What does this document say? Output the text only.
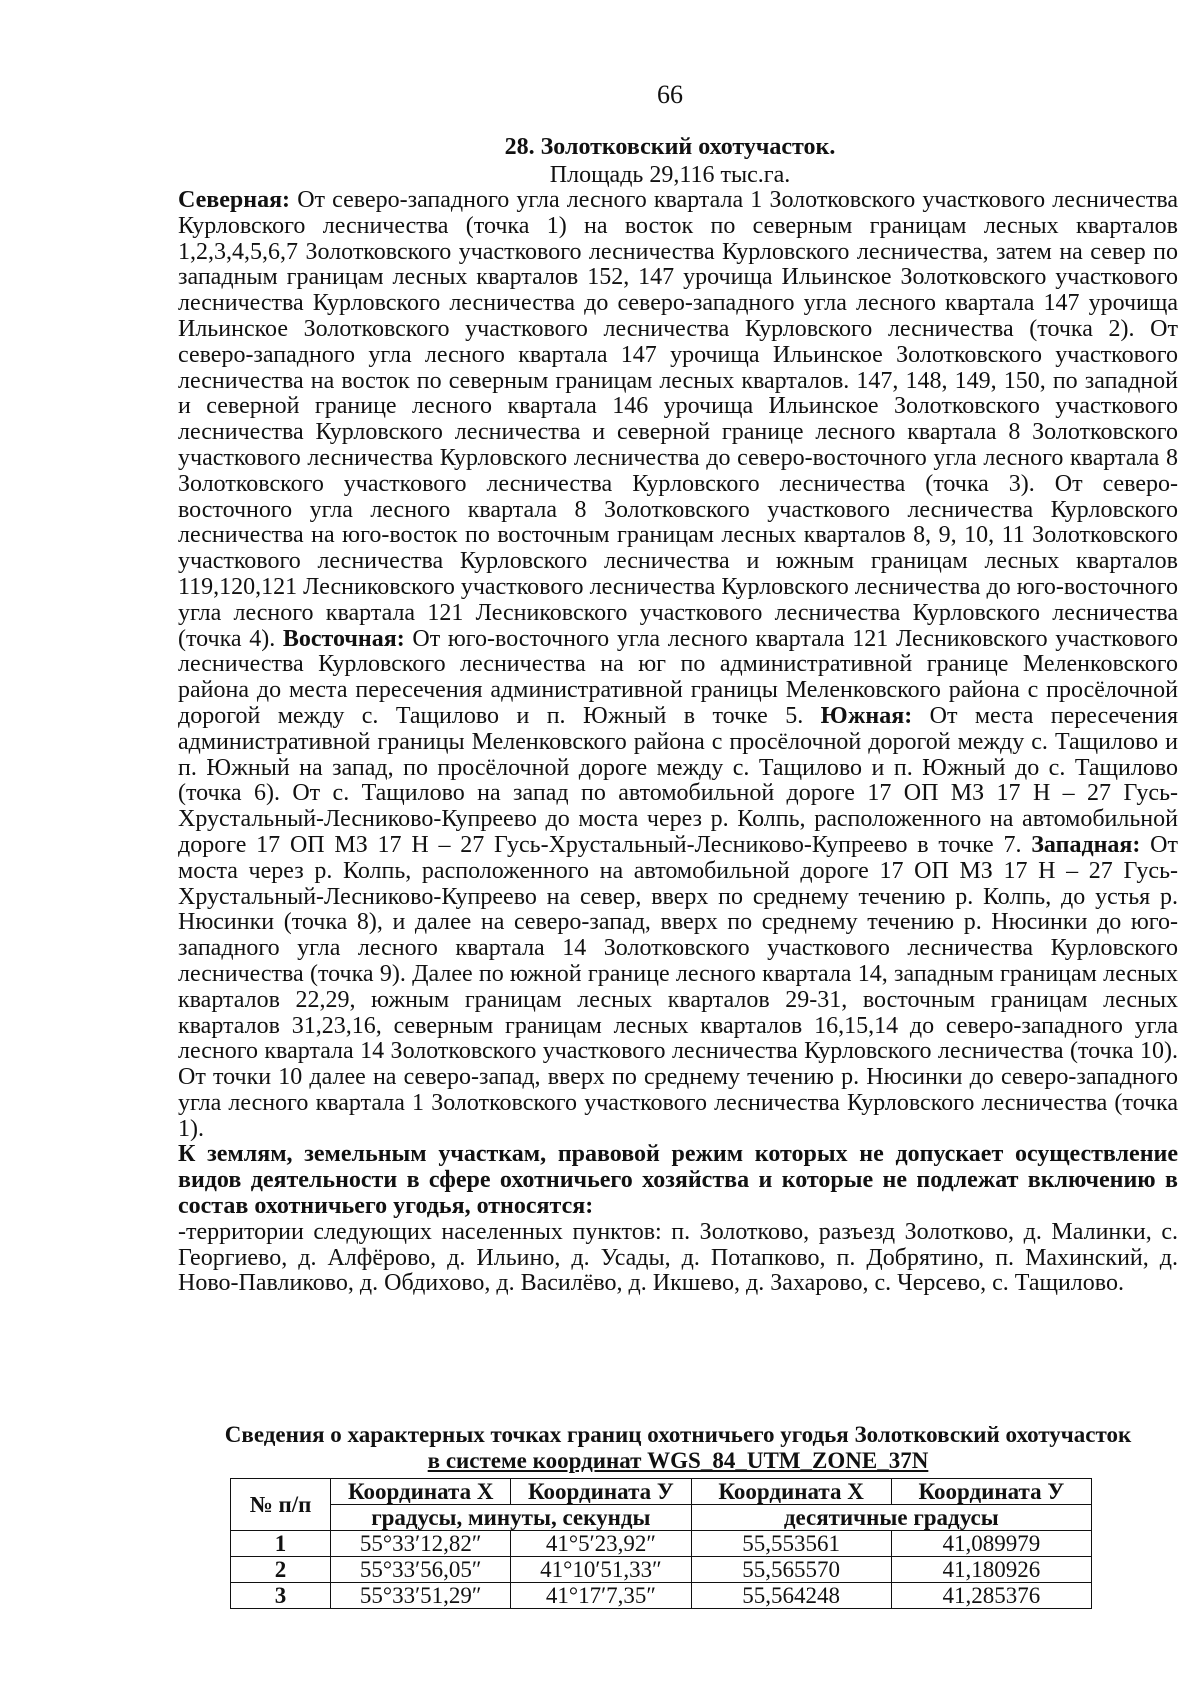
66
28. Золотковский охотучасток.
Площадь 29,116 тыс.га.

Северная: От северо-западного угла лесного квартала 1 Золотковского участкового лесничества Курловского лесничества (точка 1) на восток по северным границам лесных кварталов 1,2,3,4,5,6,7 Золотковского участкового лесничества Курловского лесничества, затем на север по западным границам лесных кварталов 152, 147 урочища Ильинское Золотковского участкового лесничества Курловского лесничества до северо-западного угла лесного квартала 147 урочища Ильинское Золотковского участкового лесничества Курловского лесничества (точка 2). От северо-западного угла лесного квартала 147 урочища Ильинское Золотковского участкового лесничества на восток по северным границам лесных кварталов. 147, 148, 149, 150, по западной и северной границе лесного квартала 146 урочища Ильинское Золотковского участкового лесничества Курловского лесничества и северной границе лесного квартала 8 Золотковского участкового лесничества Курловского лесничества до северо-восточного угла лесного квартала 8 Золотковского участкового лесничества Курловского лесничества (точка 3). От северо-восточного угла лесного квартала 8 Золотковского участкового лесничества Курловского лесничества на юго-восток по восточным границам лесных кварталов 8, 9, 10, 11 Золотковского участкового лесничества Курловского лесничества и южным границам лесных кварталов 119,120,121 Лесниковского участкового лесничества Курловского лесничества до юго-восточного угла лесного квартала 121 Лесниковского участкового лесничества Курловского лесничества (точка 4). Восточная: От юго-восточного угла лесного квартала 121 Лесниковского участкового лесничества Курловского лесничества на юг по административной границе Меленковского района до места пересечения административной границы Меленковского района с просёлочной дорогой между с. Тащилово и п. Южный в точке 5. Южная: От места пересечения административной границы Меленковского района с просёлочной дорогой между с. Тащилово и п. Южный на запад, по просёлочной дороге между с. Тащилово и п. Южный до с. Тащилово (точка 6). От с. Тащилово на запад по автомобильной дороге 17 ОП МЗ 17 Н – 27 Гусь-Хрустальный-Лесниково-Купреево до моста через р. Колпь, расположенного на автомобильной дороге 17 ОП МЗ 17 Н – 27 Гусь-Хрустальный-Лесниково-Купреево в точке 7. Западная: От моста через р. Колпь, расположенного на автомобильной дороге 17 ОП МЗ 17 Н – 27 Гусь-Хрустальный-Лесниково-Купреево на север, вверх по среднему течению р. Колпь, до устья р. Нюсинки (точка 8), и далее на северо-запад, вверх по среднему течению р. Нюсинки до юго-западного угла лесного квартала 14 Золотковского участкового лесничества Курловского лесничества (точка 9). Далее по южной границе лесного квартала 14, западным границам лесных кварталов 22,29, южным границам лесных кварталов 29-31, восточным границам лесных кварталов 31,23,16, северным границам лесных кварталов 16,15,14 до северо-западного угла лесного квартала 14 Золотковского участкового лесничества Курловского лесничества (точка 10). От точки 10 далее на северо-запад, вверх по среднему течению р. Нюсинки до северо-западного угла лесного квартала 1 Золотковского участкового лесничества Курловского лесничества (точка 1).

К землям, земельным участкам, правовой режим которых не допускает осуществление видов деятельности в сфере охотничьего хозяйства и которые не подлежат включению в состав охотничьего угодья, относятся:

-территории следующих населенных пунктов: п. Золотково, разъезд Золотково, д. Малинки, с. Георгиево, д. Алфёрово, д. Ильино, д. Усады, д. Потапково, п. Добрятино, п. Махинский, д. Ново-Павликово, д. Обдихово, д. Василёво, д. Икшево, д. Захарово, с. Черсево, с. Тащилово.

Сведения о характерных точках границ охотничьего угодья Золотковский охотучасток
в системе координат WGS_84_UTM_ZONE_37N
№ п/п	Координата X	Координата У	Координата X	Координата У
	градусы, минуты, секунды		десятичные градусы	
1	55°33′12,82″	41°5′23,92″	55,553561	41,089979
2	55°33′56,05″	41°10′51,33″	55,565570	41,180926
3	55°33′51,29″	41°17′7,35″	55,564248	41,285376
